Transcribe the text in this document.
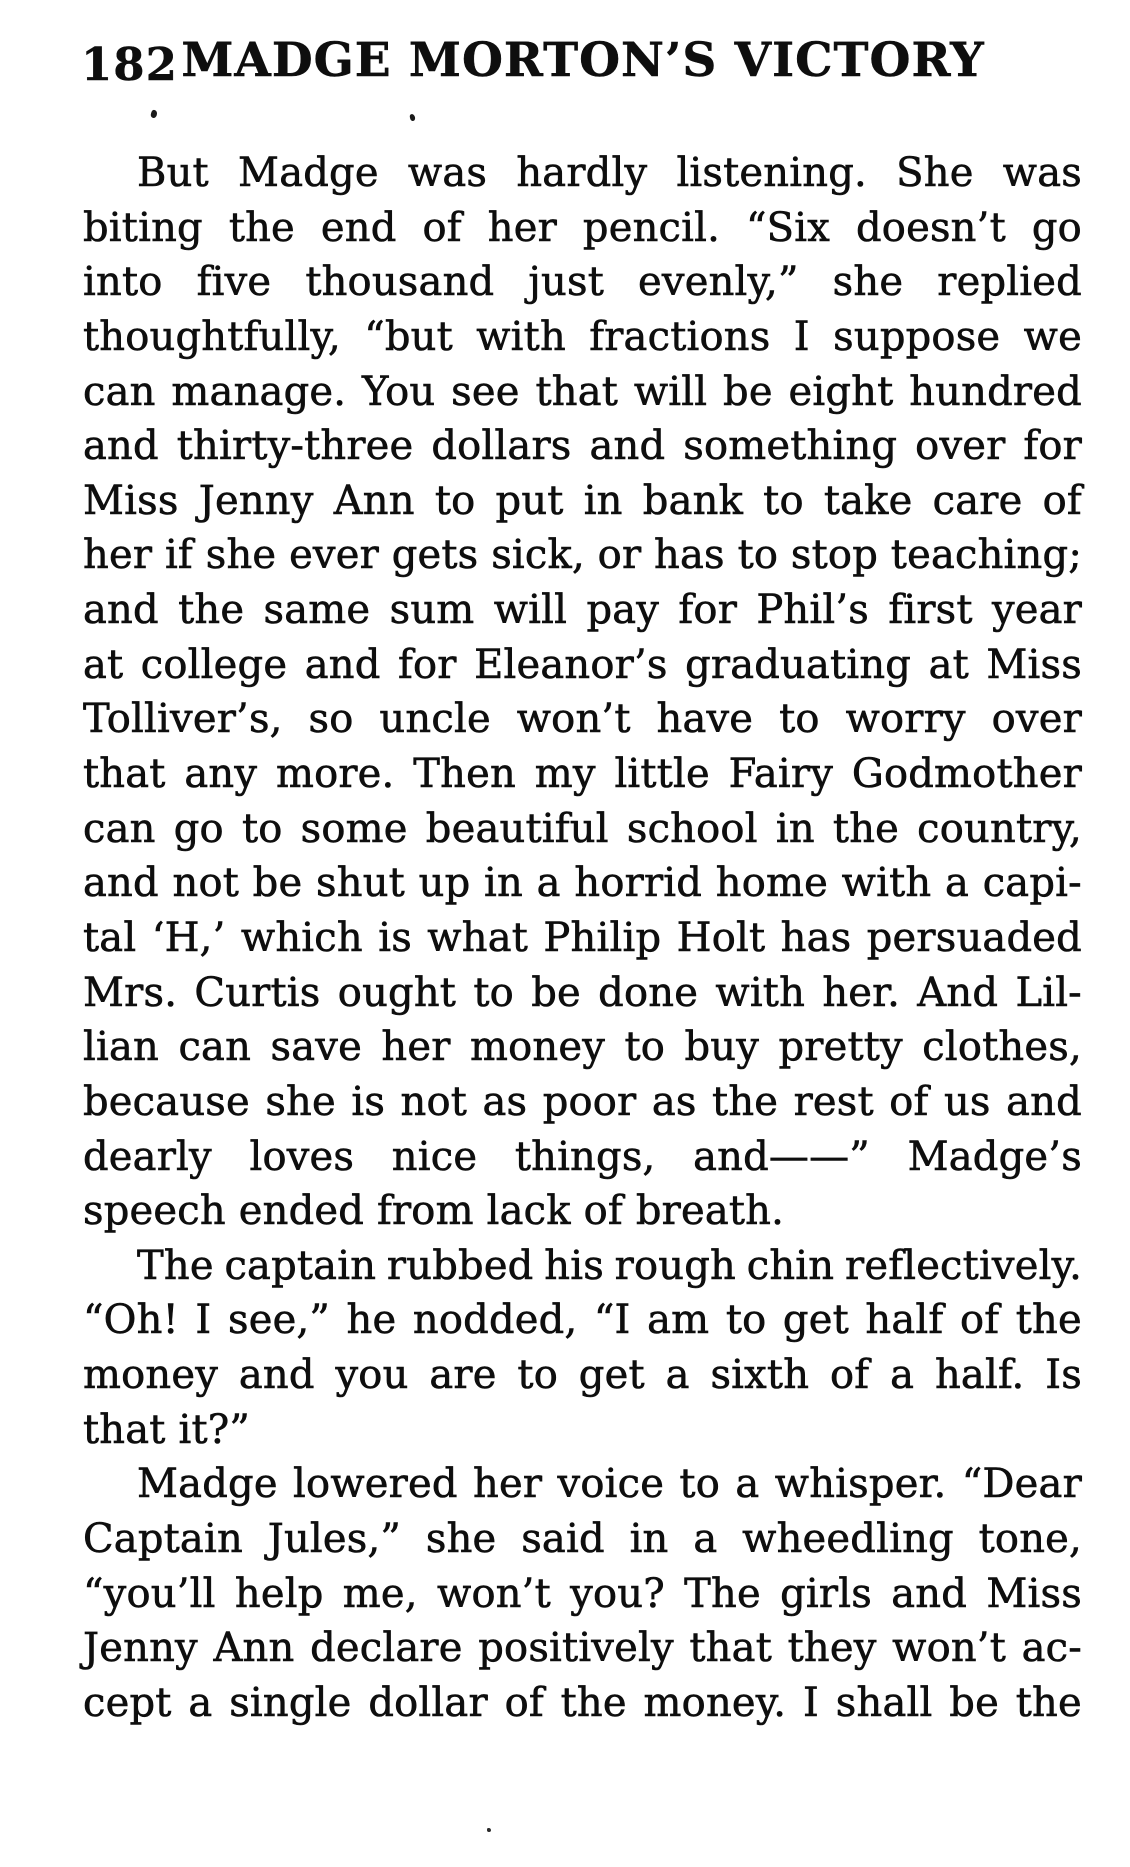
182 MADGE MORTON’S VICTORY
But Madge was hardly listening. She was
biting the end of her pencil. “Six doesn’t go
into five thousand just evenly,” she replied
thoughtfully, “but with fractions I suppose we
can manage. You see that will be eight hundred
and thirty-three dollars and something over for
Miss Jenny Ann to put in bank to take care of
her if she ever gets sick, or has to stop teaching;
and the same sum will pay for Phil’s first year
at college and for Eleanor’s graduating at Miss
Tolliver’s, so uncle won’t have to worry over
that any more. Then my little Fairy Godmother
can go to some beautiful school in the country,
and not be shut up in a horrid home with a capi-
tal ‘H,’ which is what Philip Holt has persuaded
Mrs. Curtis ought to be done with her. And Lil-
lian can save her money to buy pretty clothes,
because she is not as poor as the rest of us and
dearly loves nice things, and——” Madge’s
speech ended from lack of breath.
The captain rubbed his rough chin reflectively.
“Oh! I see,” he nodded, “I am to get half of the
money and you are to get a sixth of a half. Is
that it?”
Madge lowered her voice to a whisper. “Dear
Captain Jules,” she said in a wheedling tone,
“you’ll help me, won’t you? The girls and Miss
Jenny Ann declare positively that they won’t ac-
cept a single dollar of the money. I shall be the
